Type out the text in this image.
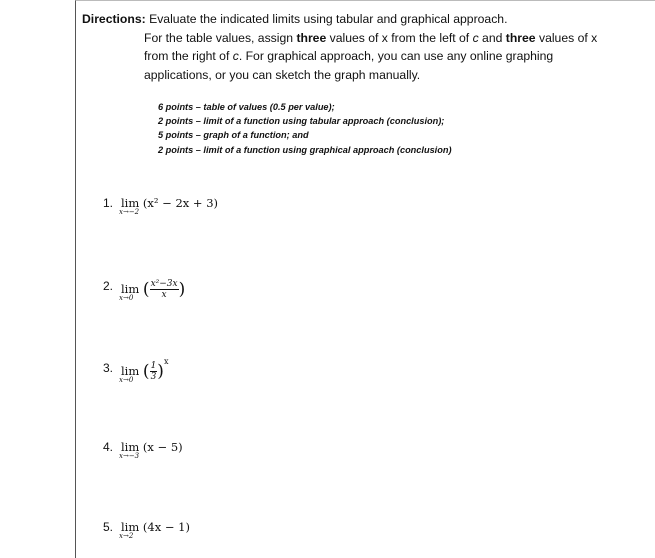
Directions: Evaluate the indicated limits using tabular and graphical approach.
For the table values, assign three values of x from the left of c and three values of x
from the right of c. For graphical approach, you can use any online graphing
applications, or you can sketch the graph manually.
6 points – table of values (0.5 per value);
2 points – limit of a function using tabular approach (conclusion);
5 points – graph of a function; and
2 points – limit of a function using graphical approach (conclusion)
1. lim
x→−2
(x² − 2x + 3)
2. lim
x→0 ( $\frac{\text{x²−3x}}{x}$ )
3. lim
x→0 ( $\frac{1}{3} )^x$
4. lim
x→−3
(x − 5)
5. lim
x→2
(4x − 1)
